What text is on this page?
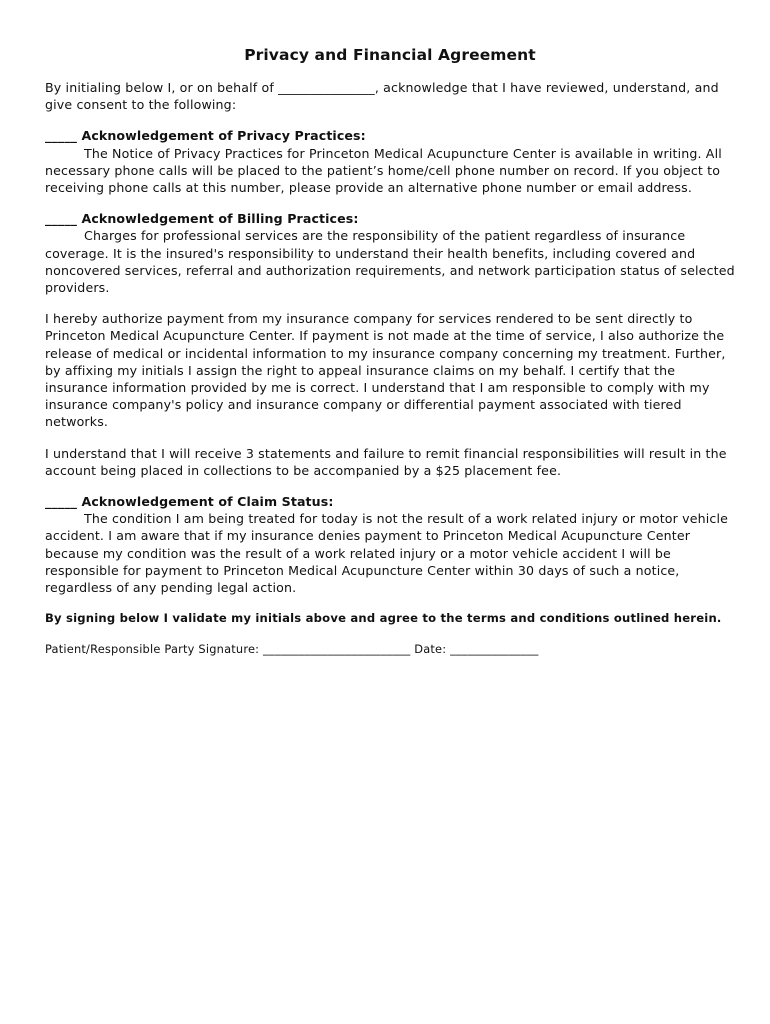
Privacy and Financial Agreement

By initialing below I, or on behalf of _______________, acknowledge that I have reviewed, understand, and give consent to the following:

_____ Acknowledgement of Privacy Practices:

The Notice of Privacy Practices for Princeton Medical Acupuncture Center is available in writing. All necessary phone calls will be placed to the patient’s home/cell phone number on record. If you object to receiving phone calls at this number, please provide an alternative phone number or email address.

_____ Acknowledgement of Billing Practices:

Charges for professional services are the responsibility of the patient regardless of insurance coverage. It is the insured's responsibility to understand their health benefits, including covered and noncovered services, referral and authorization requirements, and network participation status of selected providers.

I hereby authorize payment from my insurance company for services rendered to be sent directly to Princeton Medical Acupuncture Center. If payment is not made at the time of service, I also authorize the release of medical or incidental information to my insurance company concerning my treatment. Further, by affixing my initials I assign the right to appeal insurance claims on my behalf. I certify that the insurance information provided by me is correct. I understand that I am responsible to comply with my insurance company's policy and insurance company or differential payment associated with tiered networks.

I understand that I will receive 3 statements and failure to remit financial responsibilities will result in the account being placed in collections to be accompanied by a $25 placement fee.

_____ Acknowledgement of Claim Status:

The condition I am being treated for today is not the result of a work related injury or motor vehicle accident. I am aware that if my insurance denies payment to Princeton Medical Acupuncture Center because my condition was the result of a work related injury or a motor vehicle accident I will be responsible for payment to Princeton Medical Acupuncture Center within 30 days of such a notice, regardless of any pending legal action.

By signing below I validate my initials above and agree to the terms and conditions outlined herein.
Patient/Responsible Party Signature: _________________________ Date: _______________
